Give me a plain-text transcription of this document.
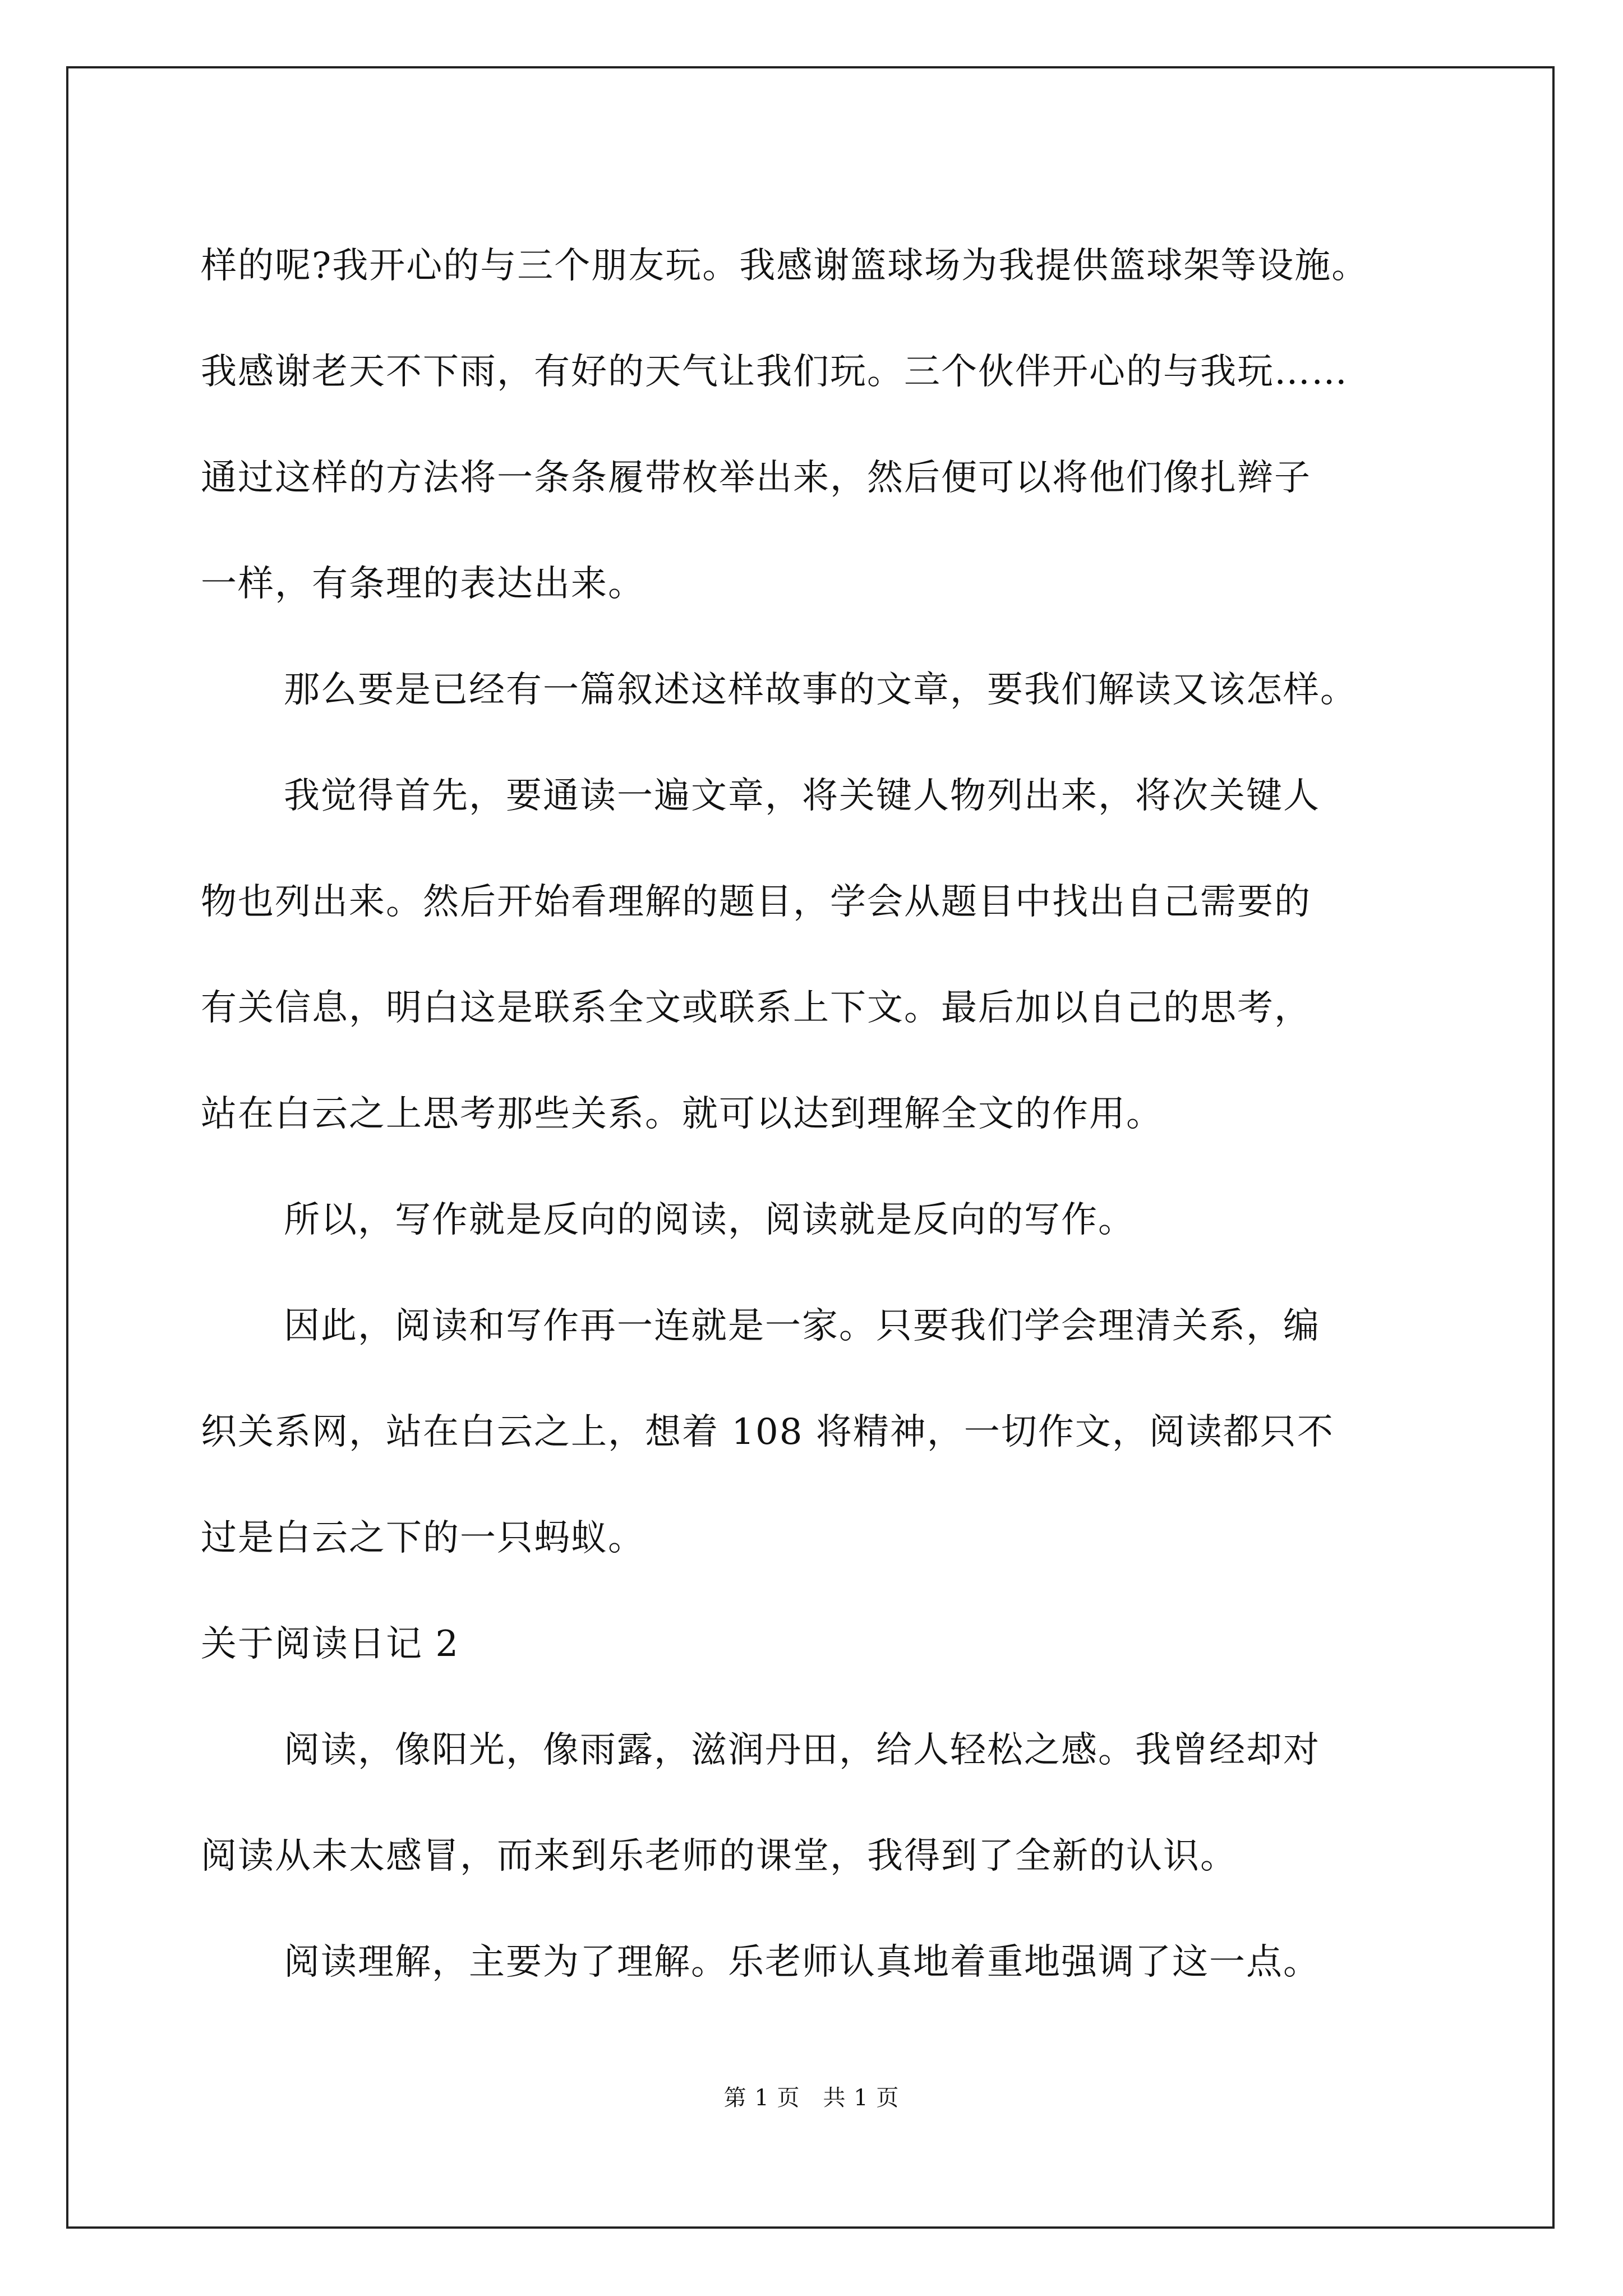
样的呢?我开心的与三个朋友玩。我感谢篮球场为我提供篮球架等设施。
我感谢老天不下雨，有好的天气让我们玩。三个伙伴开心的与我玩……
通过这样的方法将一条条履带枚举出来，然后便可以将他们像扎辫子
一样，有条理的表达出来。
那么要是已经有一篇叙述这样故事的文章，要我们解读又该怎样。
我觉得首先，要通读一遍文章，将关键人物列出来，将次关键人
物也列出来。然后开始看理解的题目，学会从题目中找出自己需要的
有关信息，明白这是联系全文或联系上下文。最后加以自己的思考，
站在白云之上思考那些关系。就可以达到理解全文的作用。
所以，写作就是反向的阅读，阅读就是反向的写作。
因此，阅读和写作再一连就是一家。只要我们学会理清关系，编
织关系网，站在白云之上，想着 108 将精神，一切作文，阅读都只不
过是白云之下的一只蚂蚁。
关于阅读日记 2
阅读，像阳光，像雨露，滋润丹田，给人轻松之感。我曾经却对
阅读从未太感冒，而来到乐老师的课堂，我得到了全新的认识。
阅读理解，主要为了理解。乐老师认真地着重地强调了这一点。
第 1 页　共 1 页
